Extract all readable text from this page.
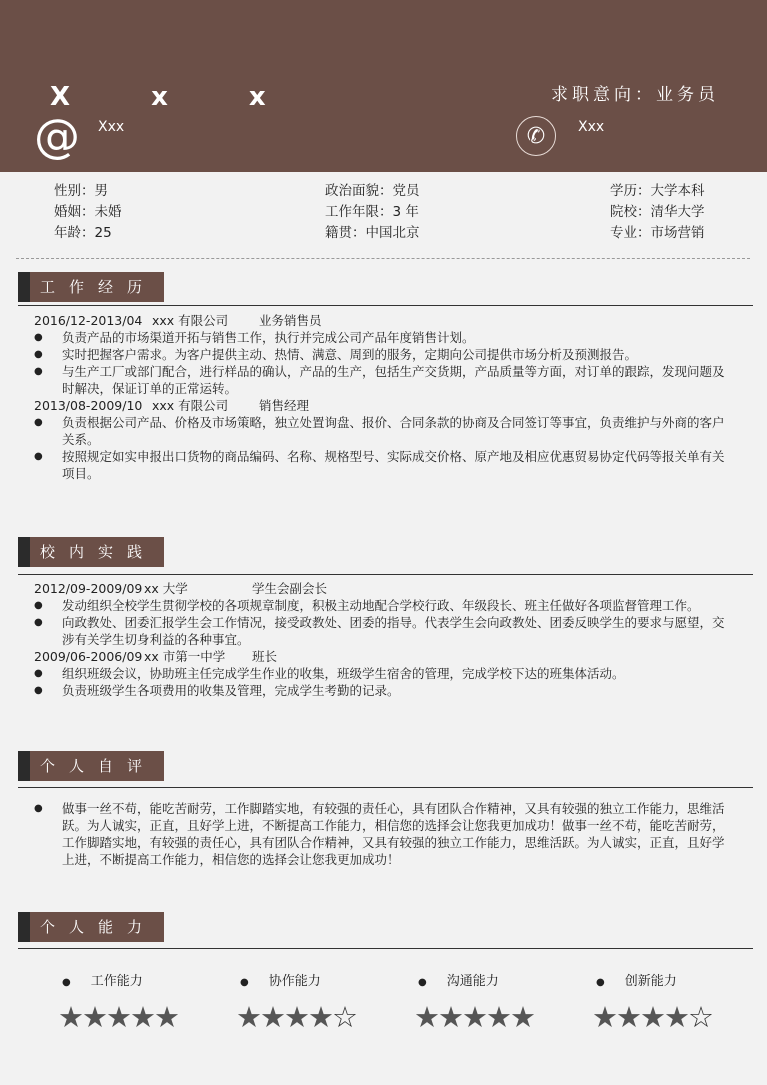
X x x
@ Xxx
求职意向：业务员
✆	Xxx
性别：男
婚姻：未婚
年龄：25
政治面貌：党员
工作年限：3 年
籍贯：中国北京
学历：大学本科
院校：清华大学
专业：市场营销
工作经历
2016/12-2013/04 xxx 有限公司 业务销售员
● 负责产品的市场渠道开拓与销售工作，执行并完成公司产品年度销售计划。
● 实时把握客户需求。为客户提供主动、热情、满意、周到的服务，定期向公司提供市场分析及预测报告。
● 与生产工厂或部门配合，进行样品的确认，产品的生产，包括生产交货期，产品质量等方面，对订单的跟踪，发现问题及时解决，保证订单的正常运转。
2013/08-2009/10 xxx 有限公司 销售经理
● 负责根据公司产品、价格及市场策略，独立处置询盘、报价、合同条款的协商及合同签订等事宜，负责维护与外商的客户关系。
● 按照规定如实申报出口货物的商品编码、名称、规格型号、实际成交价格、原产地及相应优惠贸易协定代码等报关单有关项目。
校内实践
2012/09-2009/09 xx 大学	学生会副会长
● 发动组织全校学生贯彻学校的各项规章制度，积极主动地配合学校行政、年级段长、班主任做好各项监督管理工作。
● 向政教处、团委汇报学生会工作情况，接受政教处、团委的指导。代表学生会向政教处、团委反映学生的要求与愿望，交涉有关学生切身利益的各种事宜。
2009/06-2006/09 xx 市第一中学 班长
● 组织班级会议，协助班主任完成学生作业的收集，班级学生宿舍的管理，完成学校下达的班集体活动。
● 负责班级学生各项费用的收集及管理，完成学生考勤的记录。
个人自评
● 做事一丝不苟，能吃苦耐劳，工作脚踏实地，有较强的责任心，具有团队合作精神，又具有较强的独立工作能力，思维活跃。为人诚实，正直，且好学上进，不断提高工作能力，相信您的选择会让您我更加成功！做事一丝不苟，能吃苦耐劳，工作脚踏实地，有较强的责任心，具有团队合作精神，又具有较强的独立工作能力，思维活跃。为人诚实，正直，且好学上进，不断提高工作能力，相信您的选择会让您我更加成功！
个人能力
● 工作能力
★★★★★
● 协作能力
★★★★☆
● 沟通能力
★★★★★
● 创新能力
★★★★☆
